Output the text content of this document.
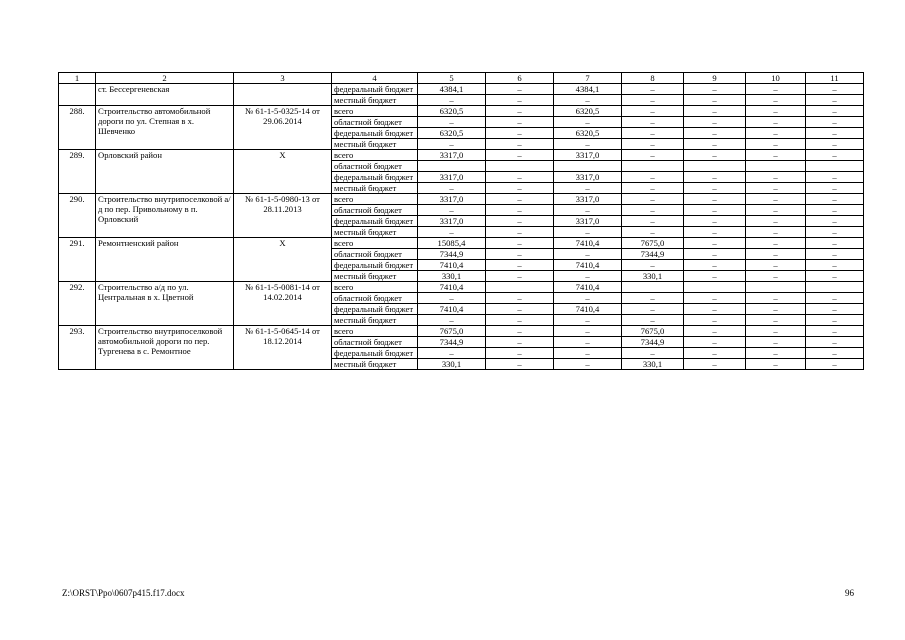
1	2	3	4	5	6	7	8	9	10	11
	ст. Бессергеневская		федеральный бюджет	4384,1	–	4384,1	–	–	–	–
			местный бюджет	–	–	–	–	–	–	–
288.	Строительство автомобильной дороги по ул. Степная в х. Шевченко	№ 61-1-5-0325-14 от 29.06.2014	всего	6320,5	–	6320,5	–	–	–	–
			областной бюджет	–	–	–	–	–	–	–
			федеральный бюджет	6320,5	–	6320,5	–	–	–	–
			местный бюджет	–	–	–	–	–	–	–
289.	Орловский район	Х	всего	3317,0	–	3317,0	–	–	–	–
			областной бюджет							
			федеральный бюджет	3317,0	–	3317,0	–	–	–	–
			местный бюджет	–	–	–	–	–	–	–
290.	Строительство внутрипоселковой а/д по пер. Привольному в п. Орловский	№ 61-1-5-0980-13 от 28.11.2013	всего	3317,0	–	3317,0	–	–	–	–
			областной бюджет	–	–	–	–	–	–	–
			федеральный бюджет	3317,0	–	3317,0	–	–	–	–
			местный бюджет	–	–	–	–	–	–	–
291.	Ремонтненский район	Х	всего	15085,4	–	7410,4	7675,0	–	–	–
			областной бюджет	7344,9	–	–	7344,9	–	–	–
			федеральный бюджет	7410,4	–	7410,4	–	–	–	–
			местный бюджет	330,1	–	–	330,1	–	–	–
292.	Строительство а/д по ул. Центральная в х. Цветной	№ 61-1-5-0081-14 от 14.02.2014	всего	7410,4		7410,4				
			областной бюджет	–	–	–	–	–	–	–
			федеральный бюджет	7410,4	–	7410,4	–	–	–	–
			местный бюджет	–	–	–	–	–	–	–
293.	Строительство внутрипоселковой автомобильной дороги по пер. Тургенева в с. Ремонтное	№ 61-1-5-0645-14 от 18.12.2014	всего	7675,0	–	–	7675,0	–	–	–
			областной бюджет	7344,9	–	–	7344,9	–	–	–
			федеральный бюджет	–	–	–	–	–	–	–
			местный бюджет	330,1	–	–	330,1	–	–	–
Z:\ORST\Ppo\0607p415.f17.docx	96
